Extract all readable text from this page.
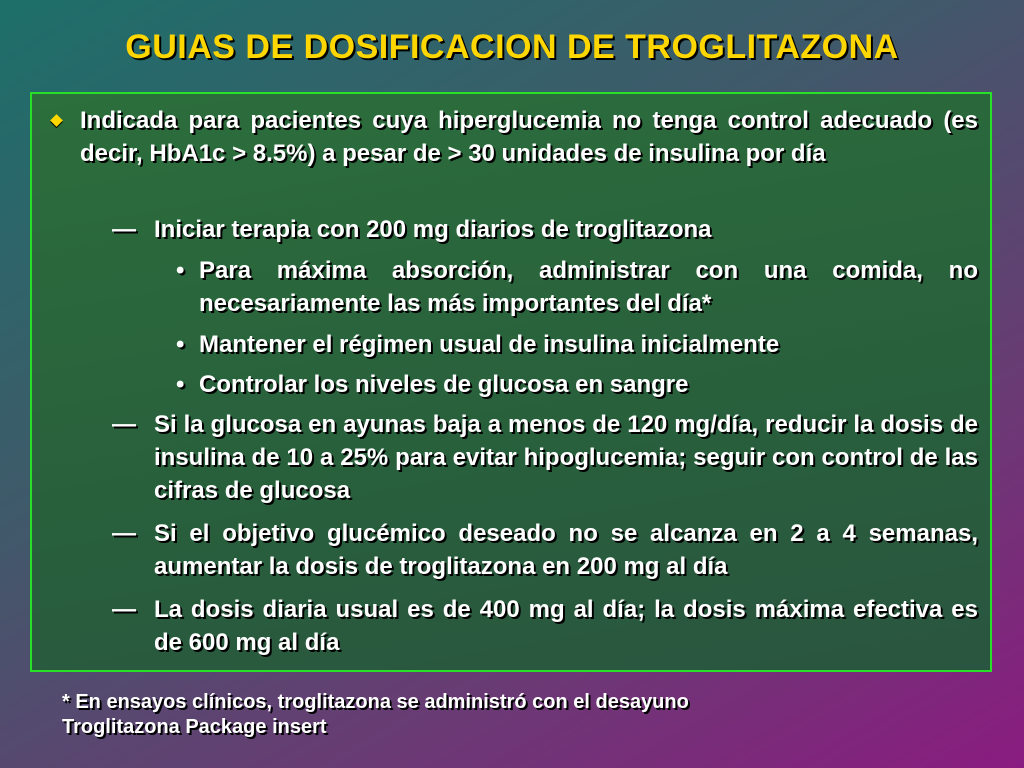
GUIAS DE DOSIFICACION DE TROGLITAZONA
Indicada para pacientes cuya hiperglucemia no tenga control adecuado (es decir, HbA1c > 8.5%) a pesar de > 30 unidades de insulina por día
— Iniciar terapia con 200 mg diarios de troglitazona
• Para máxima absorción, administrar con una comida, no necesariamente las más importantes del día*
• Mantener el régimen usual de insulina inicialmente
• Controlar los niveles de glucosa en sangre
— Si la glucosa en ayunas baja a menos de 120 mg/día, reducir la dosis de insulina de 10 a 25% para evitar hipoglucemia; seguir con control de las cifras de glucosa
— Si el objetivo glucémico deseado no se alcanza en 2 a 4 semanas, aumentar la dosis de troglitazona en 200 mg al día
— La dosis diaria usual es de 400 mg al día; la dosis máxima efectiva es de 600 mg al día
* En ensayos clínicos, troglitazona se administró con el desayuno
Troglitazona Package insert
